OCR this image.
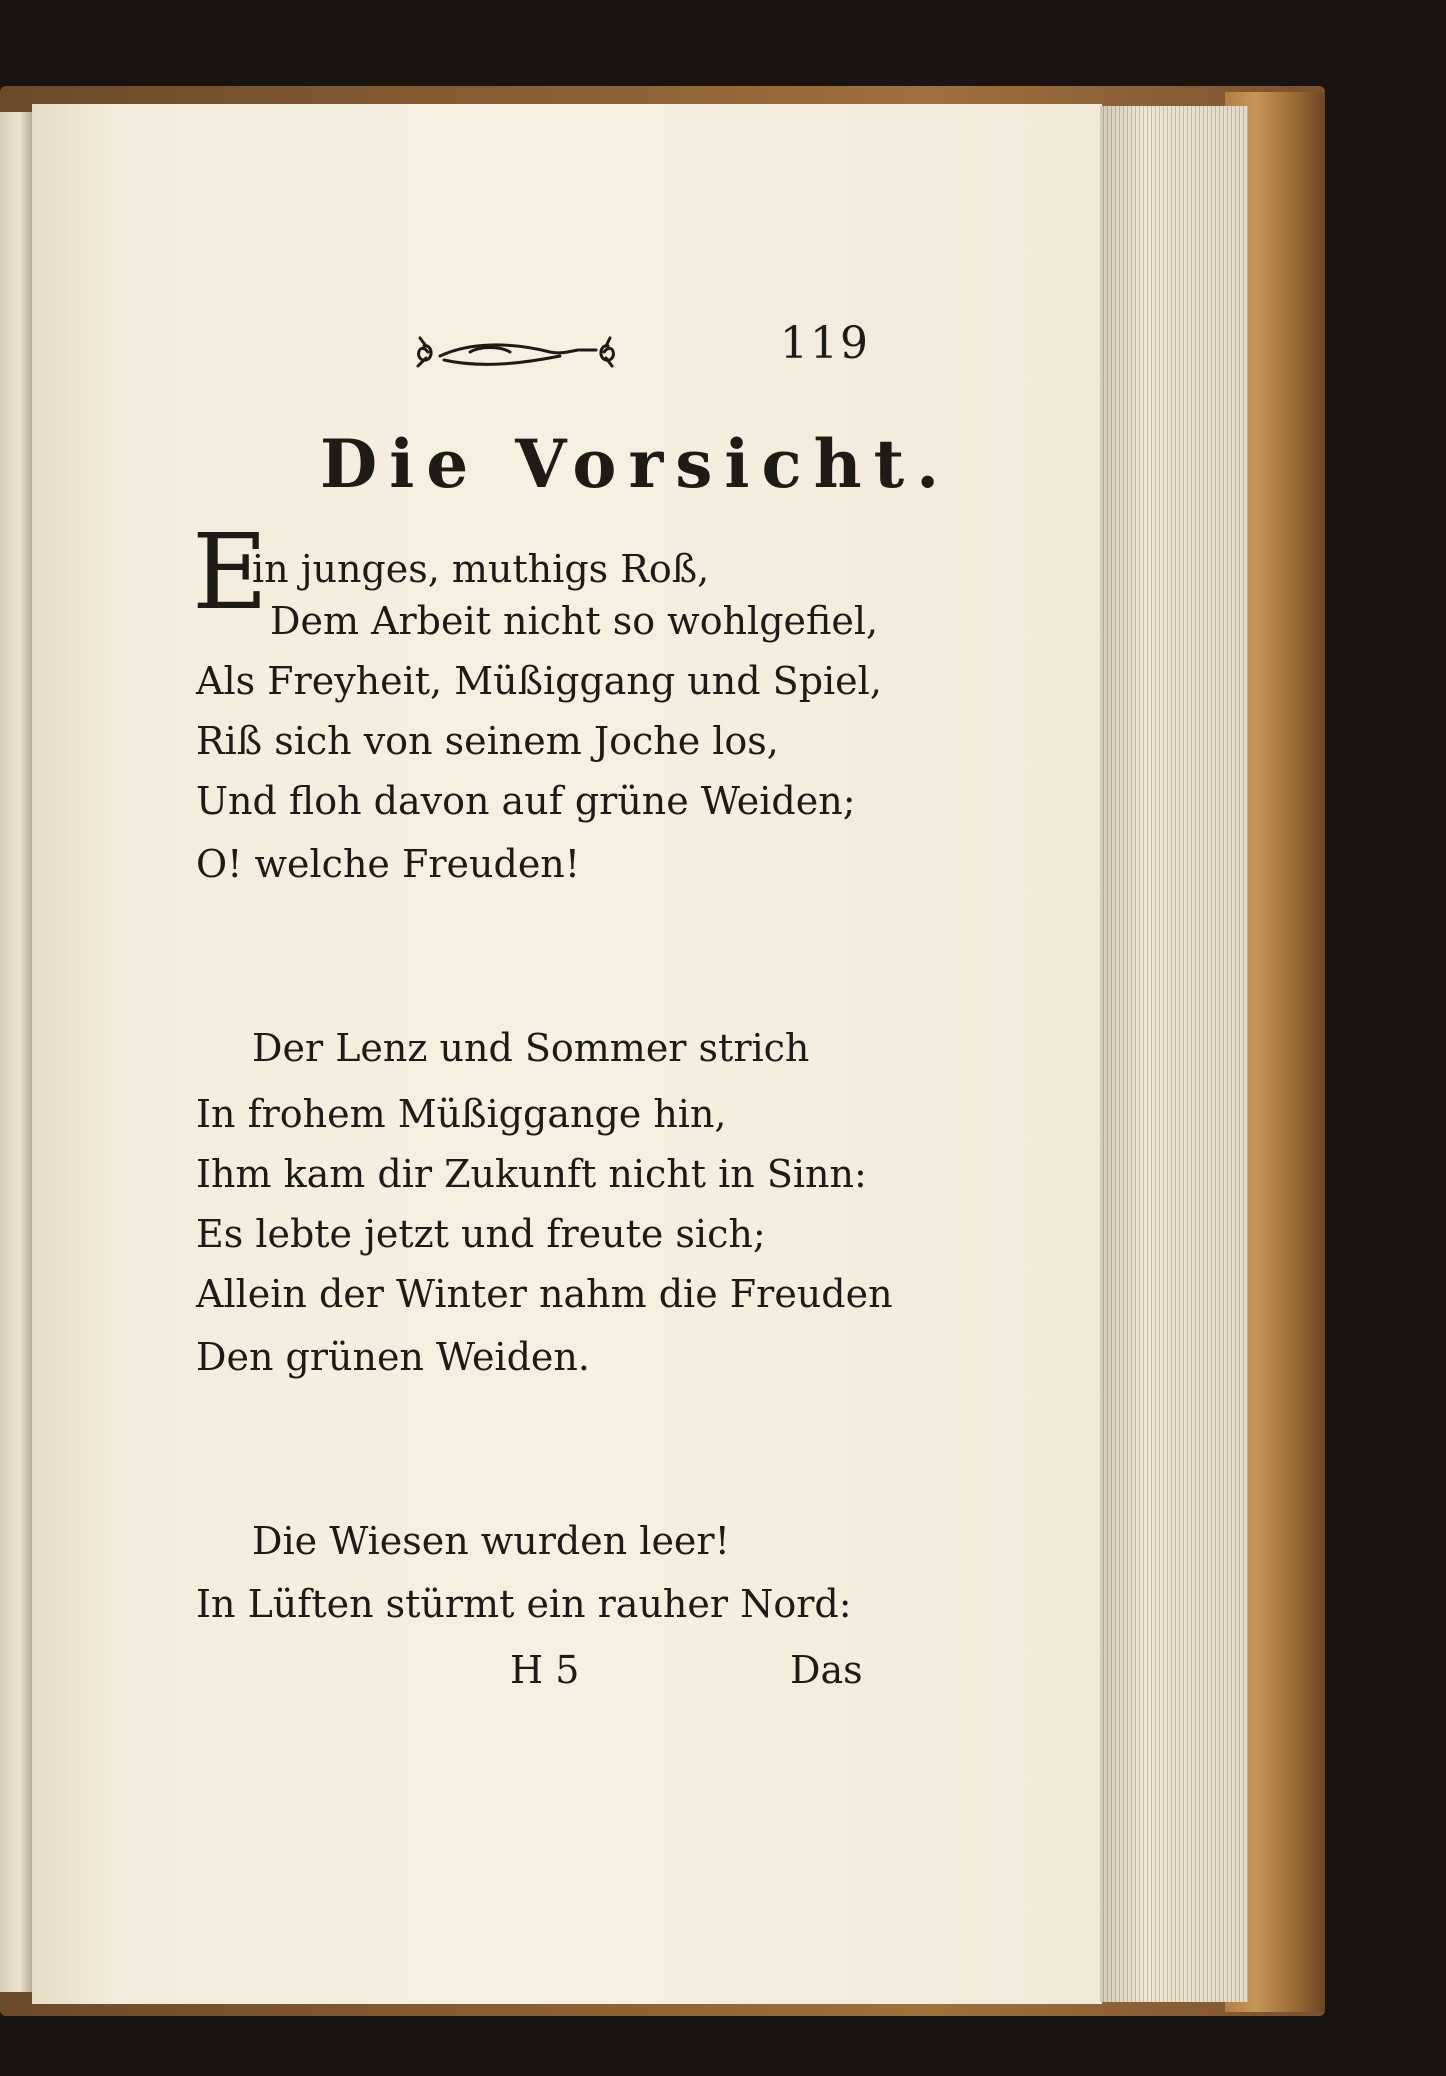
119
Die Vorsicht.
E
in junges, muthigs Roß,
Dem Arbeit nicht so wohlgefiel,
Als Freyheit, Müßiggang und Spiel,
Riß sich von seinem Joche los,
Und floh davon auf grüne Weiden;
O! welche Freuden!
Der Lenz und Sommer strich
In frohem Müßiggange hin,
Ihm kam dir Zukunft nicht in Sinn:
Es lebte jetzt und freute sich;
Allein der Winter nahm die Freuden
Den grünen Weiden.
Die Wiesen wurden leer!
In Lüften stürmt ein rauher Nord:
H 5	Das
